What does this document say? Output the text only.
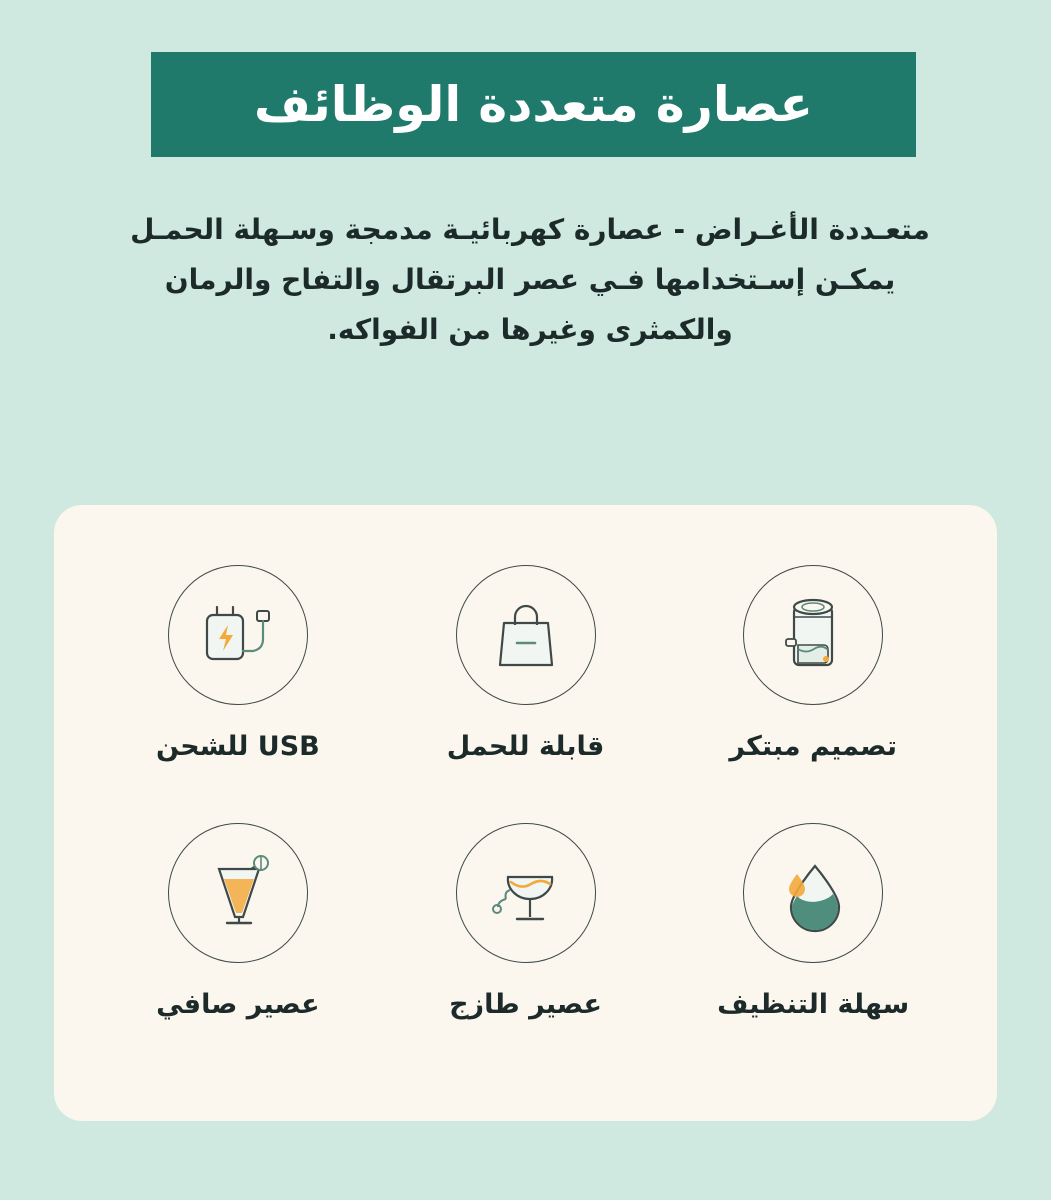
عصارة متعددة الوظائف
متعـددة الأغـراض - عصارة كهربائيـة مدمجة وسـهلة الحمـل يمكـن إسـتخدامها فـي عصر البرتقال والتفاح والرمان والكمثرى وغيرها من الفواكه.
تصميم مبتكر
قابلة للحمل
USB للشحن
سهلة التنظيف
عصير طازج
عصير صافي
